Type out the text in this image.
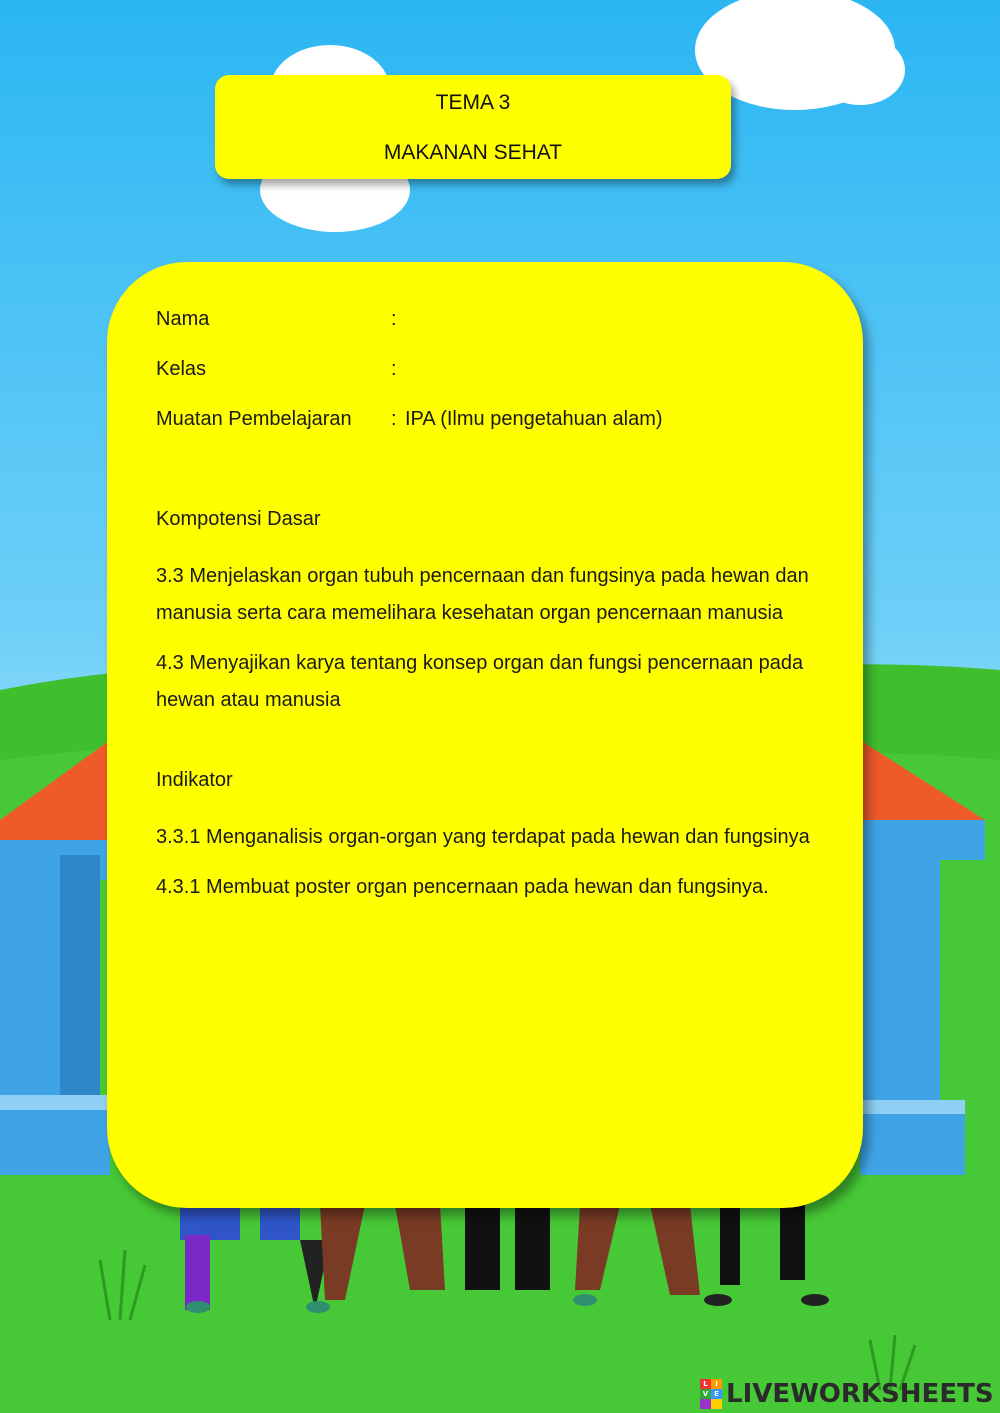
TEMA 3
MAKANAN SEHAT
Nama	:
Kelas	:
Muatan Pembelajaran	: IPA (Ilmu pengetahuan alam)
Kompotensi Dasar
3.3 Menjelaskan organ tubuh pencernaan dan fungsinya pada hewan dan manusia serta cara memelihara kesehatan organ pencernaan manusia
4.3 Menyajikan karya tentang konsep organ dan fungsi pencernaan pada hewan atau manusia
Indikator
3.3.1 Menganalisis organ-organ yang terdapat pada hewan dan fungsinya
4.3.1 Membuat poster organ pencernaan pada hewan dan fungsinya.
L	I
V E LIVEWORKSHEETS
